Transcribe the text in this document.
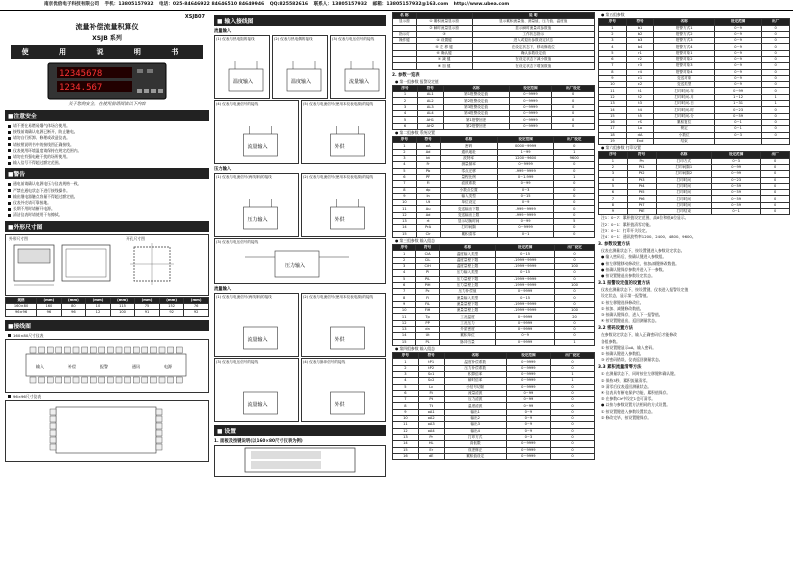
南京优倍电子科技有限公司 手机：13805157932 电话：025-84646922 84646510 84649946 QQ:825582616 联系人：13805157932 邮箱：13805157932@163.com http://www.ubea.com
XSJB07
流量补偿流量积算仪
XSJB 系列
使 用 说 明 书
12345678
1234.567
关于您的安全，在使用前请阅读以下内容
■注意安全
请不要在易燃易爆气体场合使用。
接线前请确认电源已断开，防止触电。
请勿自行拆卸、修理或改造仪表。
请按照说明书中的接线图正确接线。
仪表使用环境温度请保持在规定范围内。
请勿在有强电磁干扰的场所使用。
输入信号不得超过额定范围。
■警告
通电前请确认电源电压与仪表规格一致。
严禁在通电状态下进行接线操作。
输出继电器触点容量不得超过额定值。
仪表外壳请可靠接地。
长期不用时请断开电源。
清洁仪表时请使用干布擦拭。
■外形尺寸图
外形尺寸图	开孔尺寸图
规格	(mm)	(mm)	(mm)	(mm)	(mm)	(mm)	(mm)
160×80	160	80	10	115	75	152	76
96×96	96	96	12	100	91	92	92
■接线图
160×80尺寸仪表
输入	补偿	报警	通讯	电源
96×96尺寸仪表
■ 输入接线图
流量输入
(1) 仪表与热电阻的接线
温度输入
(2) 仪表与热电偶的接线
温度输入
(3) 仪表与电压信号的接线
流量输入
(4) 仪表与电流信号的接线
流量输入
(5) 仪表与电流信号(使用本仪表电源)的接线
外供
压力输入
(1) 仪表与电流信号(两线制)的接线
压力输入
(2) 仪表与电流信号(使用本仪表电源)的接线
外供
(3) 仪表与电压信号的接线
压力输入
流量输入
(1) 仪表与电流信号(两线制)的接线
流量输入
(2) 仪表与电流信号(使用本仪表电源)的接线
外供
(3) 仪表与电压信号的接线
流量输入
(4) 仪表与脉冲信号的接线
外供
■ 设置
1. 面板及按键说明(以160×80尺寸仪表为例)
名 称		说 明
显示窗	① 累积流量显示窗	显示累积流量值、测量值、压力值、温度值
	② 瞬时流量显示窗	显示瞬时流量或参数值
指示灯	③	工作状态指示
操作键	④ 设置键	进入或退出参数设定状态
	⑤ 左 移 键	在设定状态下，移动修改位
	⑥ 确认键	确认参数设定值
	⑦ 减 键	在设定状态下减小数值
	⑧ 加 键	在设定状态下增加数值
2. 参数一览表
● 第一组参数 报警设定值
序号	符号	名称	设定范围	出厂设定
1	AL1	第1报警设定值	0~9999	0
2	AL2	第2报警设定值	0~9999	0
3	AL3	第3报警设定值	0~9999	0
4	AL4	第4报警设定值	0~9999	0
5	AH1	第1报警回差	0~9999	0
6	AH2	第2报警回差	0~9999	0
● 第二组参数 系统设置
序号	符号	名称	设定范围	出厂设定
1	oA	密码	0000~9999	0
2	Ad	通讯地址	1~99	1
3	bt	波特率	1200~9600	9600
4	Fr	测量频率	0~9999	0
5	Pb	零点迁移	-999~9999	0
6	PF	量程比例	0~1.999	1
7	Fi	滤波系数	0~99	0
8	dp	小数点位置	0~3	0
9	In	输入类型	0~15	0
10	Ut	单位设定	0~9	0
11	Au	变送输出下限	-999~9999	0
12	Ad	变送输出上限	-999~9999	0
13	rt	显示切换时间	0~99	5
14	PrA	打印间隔	0~9999	0
15	Clr	累积清零	0~1	0
● 第三组参数 输入组态
序号	符号	名称	设定范围	出厂设定
1	CiA	温度输入类型	0~15	0
2	CiL	温度量程下限	-1999~9999	0
3	CiH	温度量程上限	-1999~9999	100
4	Pi	压力输入类型	0~15	0
5	PiL	压力量程下限	-1999~9999	0
6	PiH	压力量程上限	-1999~9999	100
7	Pc	压力补偿值	0~9999	0
8	Fi	流量输入类型	0~15	0
9	FiL	流量量程下限	-1999~9999	0
10	FiH	流量量程上限	-1999~9999	100
11	Tp	工况温度	0~9999	20
12	PP	工况压力	0~9999	0
13	dn	介质密度	0~9999	0
14	Ut	累积单位	0~9	0
15	PL	脉冲当量	0~9999	1
● 第四组参数 输入组态
序号	符号	名称	设定范围	出厂设定
1	tP1	温度补偿系数	0~9999	0
2	tP2	压力补偿系数	0~9999	0
3	Sc1	积算倍率	0~9999	1
4	Sc2	瞬时倍率	0~9999	1
5	Lc	小信号切除	0~9999	0
6	Ft	流量滤波	0~99	0
7	Pt	压力滤波	0~99	0
8	Tt	温度滤波	0~99	0
9	oA1	输出1	0~9	0
10	oA2	输出2	0~9	0
11	oA3	输出3	0~9	0
12	oA4	输出4	0~9	0
13	Pr	打印方式	0~3	0
14	HL	高低限	0~9999	0
15	Er	误差修正	0~9999	0
16	dE	累积值设定	0~9999	0
● 第五组参数
序号	符号	名称	设定范围	出厂
1	b1	报警方式1	0~9	0
2	b2	报警方式2	0~9	0
3	b3	报警方式3	0~9	0
4	b4	报警方式4	0~9	0
5	r1	报警对象1	0~9	0
6	r2	报警对象2	0~9	0
7	r3	报警对象3	0~9	0
8	r4	报警对象4	0~9	0
9	c1	变送对象	0~9	0
10	c2	变送类型	0~9	0
11	t1	打印时间-年	0~99	0
12	t2	打印时间-月	1~12	1
13	t3	打印时间-日	1~31	1
14	t4	打印时间-时	0~23	0
15	t5	打印时间-分	0~59	0
16	rS	累积复位	0~1	0
17	Lo	锁定	0~1	0
18	dA	小数位	0~3	0
19	End	结束		
● 第六组参数 打印设置
序号	符号	名称	设定范围	出厂
1	Pn	打印方式	0~3	0
2	Pt1	打印间隔1	0~99	0
3	Pt2	打印间隔2	0~99	0
4	Pt3	打印时间	0~23	0
5	Pt4	打印时间	0~59	0
6	Pt5	打印时间	0~59	0
7	Pt6	打印时间	0~59	0
8	Pt7	打印时间	0~59	0
9	PtE	打印结束	0~1	0
注1：0~7：累积值设定范围，高8位和低8位显示。
注2：0~1：累积值清零功能。
注3：0~1：打印开关设定。
注4：0~1：通讯波特率1200、2400、4800、9600。
3. 参数设置方法
仪表在测量状态下，按设置键进入参数设定状态。
● 输入密码后，按确认键进入参数组。
● 按左移键移动修改位，按加/减键修改数值。
● 按确认键保存参数并进入下一参数。
● 按设置键退出参数设定状态。
3.1 报警设定值的设置方法
仪表在测量状态下，按设置键，仪表进入报警设定值
设定状态，显示第一报警值。
① 按左移键选择修改位。
② 按加、减键修改数值。
③ 按确认键保存，进入下一报警值。
④ 按设置键退出，返回测量状态。
3.2 密码设置方法
在参数设定状态下，输入正确密码后才能修改
各组参数。
① 按设置键显示oA，输入密码。
② 按确认键进入参数组。
③ 若密码错误，仪表返回测量状态。
3.3 累积流量清零方法
① 在测量状态下，同时按住左移键和确认键。
② 保持3秒，累积流量清零。
③ 清零后仪表返回测量状态。
④ 仪表具有断电保护功能，累积值保存。
⑤ 在参数Clr中设定1也可清零。
● 以按与参数设置方法相同的方式设置。
① 按设置键进入参数设置状态。
② 修改完毕，按设置键保存。
